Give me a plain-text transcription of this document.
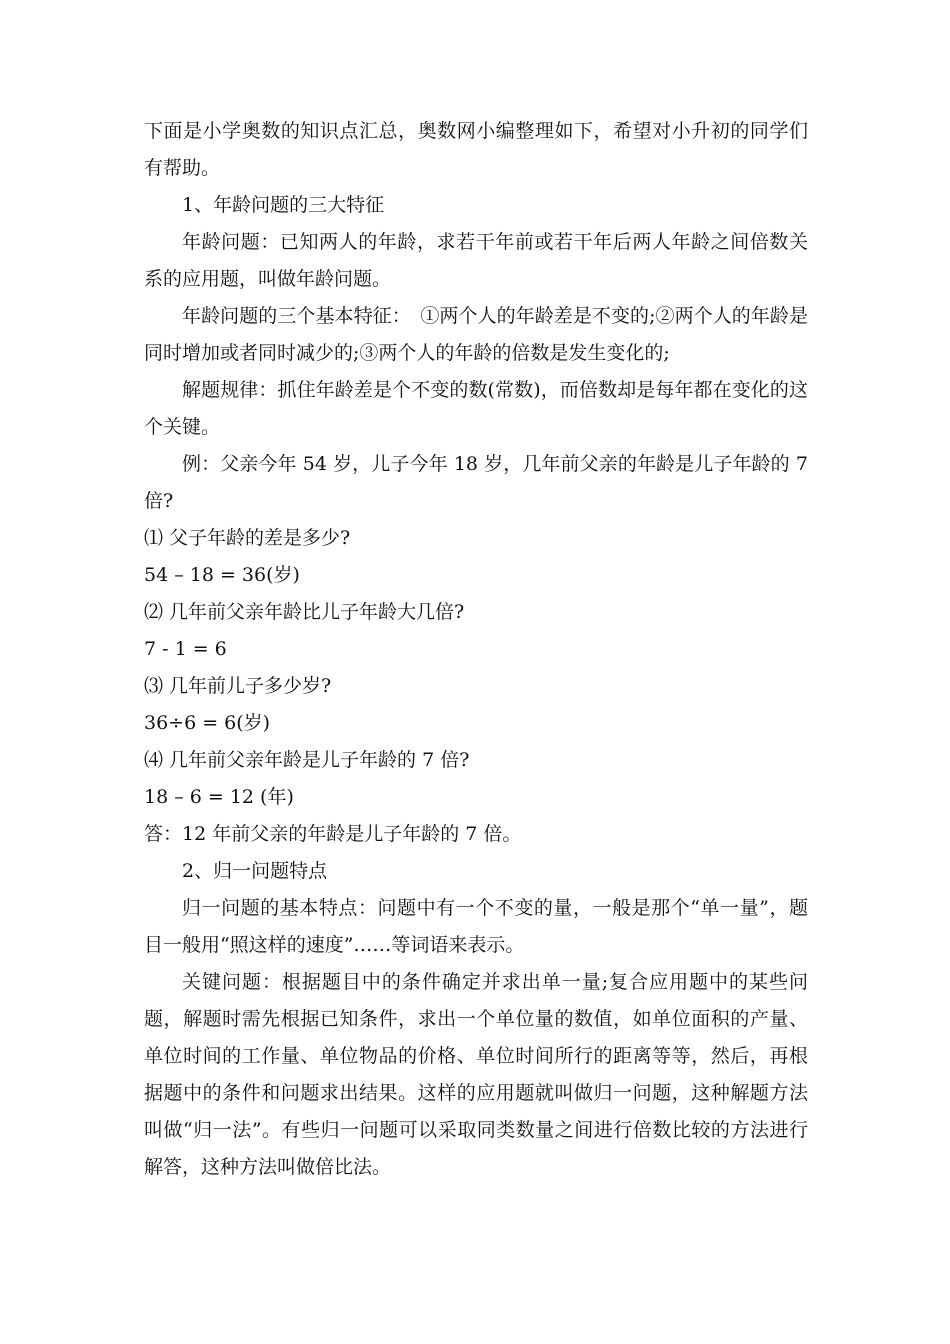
下面是小学奥数的知识点汇总，奥数网小编整理如下，希望对小升初的同学们有帮助。

1、年龄问题的三大特征

年龄问题：已知两人的年龄，求若干年前或若干年后两人年龄之间倍数关系的应用题，叫做年龄问题。

年龄问题的三个基本特征：　①两个人的年龄差是不变的;②两个人的年龄是同时增加或者同时减少的;③两个人的年龄的倍数是发生变化的;

解题规律：抓住年龄差是个不变的数(常数)，而倍数却是每年都在变化的这个关键。

例：父亲今年 54 岁，儿子今年 18 岁，几年前父亲的年龄是儿子年龄的 7 倍?

⑴ 父子年龄的差是多少?

54 – 18 = 36(岁)

⑵ 几年前父亲年龄比儿子年龄大几倍?

7 - 1 = 6

⑶ 几年前儿子多少岁?

36÷6 = 6(岁)

⑷ 几年前父亲年龄是儿子年龄的 7 倍?

18 – 6 = 12 (年)

答：12 年前父亲的年龄是儿子年龄的 7 倍。

2、归一问题特点

归一问题的基本特点：问题中有一个不变的量，一般是那个“单一量”，题目一般用“照这样的速度”……等词语来表示。

关键问题：根据题目中的条件确定并求出单一量;复合应用题中的某些问题，解题时需先根据已知条件，求出一个单位量的数值，如单位面积的产量、单位时间的工作量、单位物品的价格、单位时间所行的距离等等，然后，再根据题中的条件和问题求出结果。这样的应用题就叫做归一问题，这种解题方法叫做“归一法”。有些归一问题可以采取同类数量之间进行倍数比较的方法进行解答，这种方法叫做倍比法。
